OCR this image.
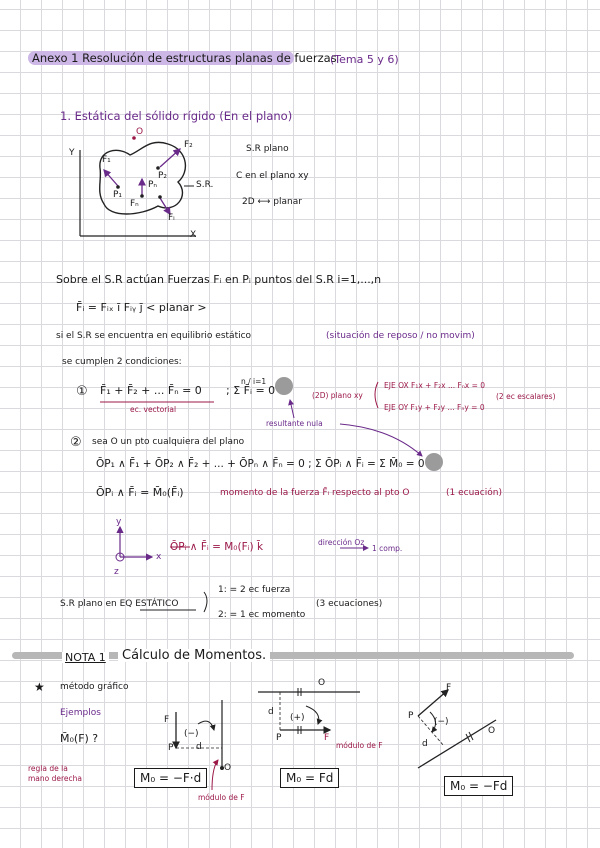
Anexo 1 Resolución de estructuras planas de fuerzas
(Tema 5 y 6)
1. Estática del sólido rígido (En el plano)
Y
X
O
F₁
F₂
P₁
P₂
Fₙ
Pₙ
Fᵢ
S.R.
S.R plano
C en el plano xy
2D ⟷ planar
Sobre el S.R actúan Fuerzas Fᵢ en Pᵢ puntos del S.R i=1,...,n
F̄ᵢ = Fᵢₓ ī Fᵢᵧ j̄ < planar >
si el S.R se encuentra en equilibrio estático	(situación de reposo / no movim)
se cumplen 2 condiciones:
① F̄₁ + F̄₂ + ... F̄ₙ = 0
n / i=1
; Σ F̄ᵢ = 0
ec. vectorial
(2D) plano xy
EJE OX F₁x + F₂x ... Fₙx = 0
EJE OY F₁y + F₂y ... Fₙy = 0
(2 ec escalares)
resultante nula
② sea O un pto cualquiera del plano
ŌP₁ ∧ F̄₁ + ŌP₂ ∧ F̄₂ + ... + ŌPₙ ∧ F̄ₙ = 0 ; Σ ŌPᵢ ∧ F̄ᵢ = Σ M̄₀ = 0
ŌPᵢ ∧ F̄ᵢ = M̄₀(F̄ᵢ)	momento de la fuerza F̄ᵢ respecto al pto O	(1 ecuación)
y
x
z
ŌPᵢ ∧ F̄ᵢ = M₀(Fᵢ) k̄	dirección Oz
1 comp.
S.R plano en EQ ESTÁTICO
1: = 2 ec fuerza
2: = 1 ec momento
(3 ecuaciones)
NOTA 1	Cálculo de Momentos.
★ método gráfico
Ejemplos
M̄₀(F) ?
regla de la mano derecha
(−)
F
P	d
O
M₀ = −F·d
módulo de F
O
d
(+)
P	F
módulo de F
M₀ = Fd
F
P
(−)
d
O
M₀ = −Fd
